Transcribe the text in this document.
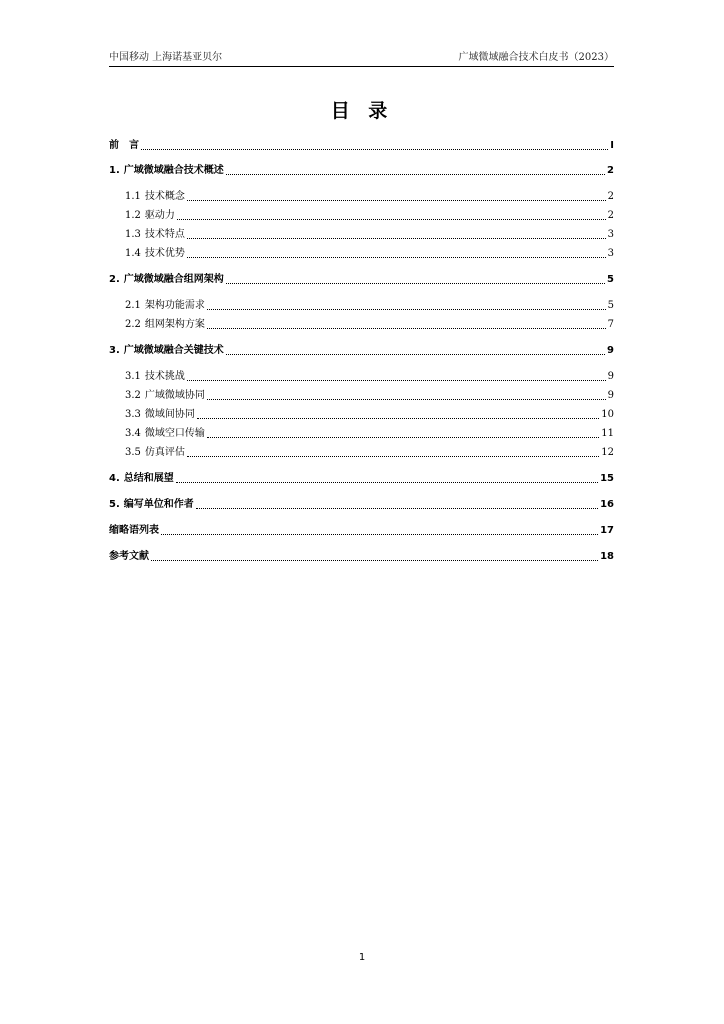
中国移动 上海诺基亚贝尔	广域微域融合技术白皮书（2023）
目 录
前　言	I
1. 广域微域融合技术概述	2
1.1 技术概念	2
1.2 驱动力	2
1.3 技术特点	3
1.4 技术优势	3
2. 广域微域融合组网架构	5
2.1 架构功能需求	5
2.2 组网架构方案	7
3. 广域微域融合关键技术	9
3.1 技术挑战	9
3.2 广域微域协同	9
3.3 微域间协同	10
3.4 微域空口传输	11
3.5 仿真评估	12
4. 总结和展望	15
5. 编写单位和作者	16
缩略语列表	17
参考文献	18
1
